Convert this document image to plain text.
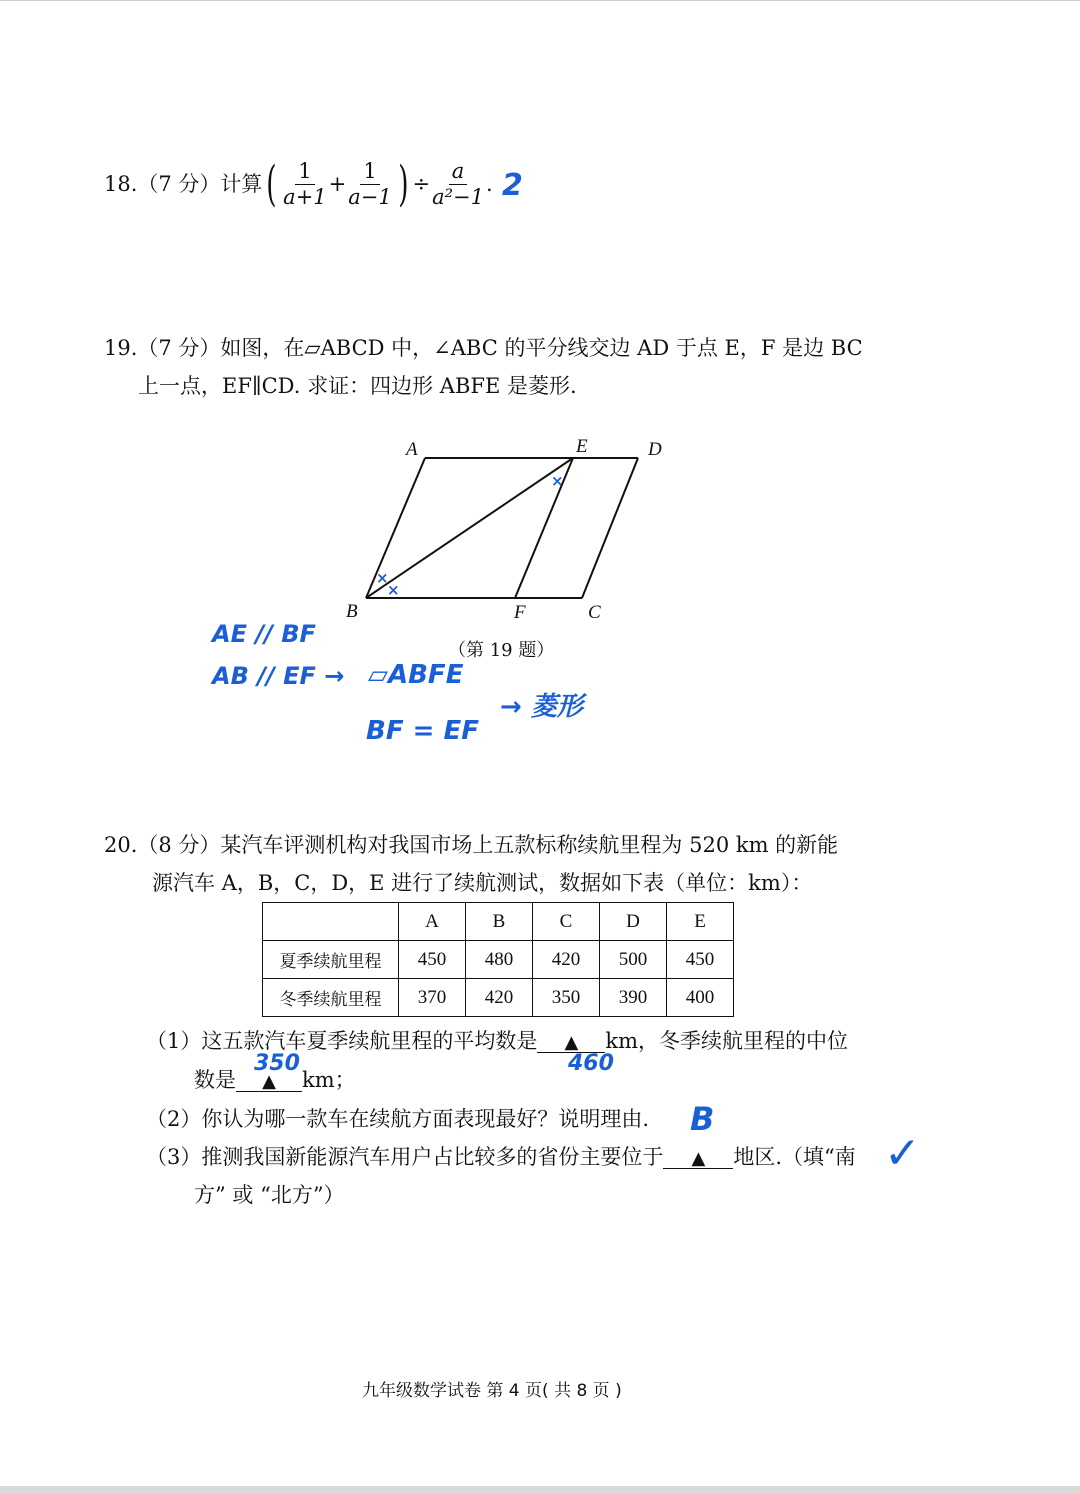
18.（7 分）计算 ( $\frac{1}{a+1} + \frac{1}{a-1}$ ) ÷ $\frac{a}{\text{a²−1}}$ . 2
19.（7 分）如图，在▱ABCD 中，∠ABC 的平分线交边 AD 于点 E，F 是边 BC
上一点，EF∥CD. 求证：四边形 ABFE 是菱形.
A	E	D
B	F	C
×
×
×
（第 19 题）
AE // BF
AB // EF → ▱ABFE
→ 菱形
BF = EF
20.（8 分）某汽车评测机构对我国市场上五款标称续航里程为 520 km 的新能
源汽车 A，B，C，D，E 进行了续航测试，数据如下表（单位：km）：
	A	B	C	D	E
夏季续航里程	450	480	420	500	450
冬季续航里程	370	420	350	390	400
（1）这五款汽车夏季续航里程的平均数是 ▲ km，冬季续航里程的中位
数是 ▲ km；
460
350
（2）你认为哪一款车在续航方面表现最好？说明理由. B
（3）推测我国新能源汽车用户占比较多的省份主要位于 ▲ 地区.（填“南 ✓
方” 或 “北方”）
九年级数学试卷 第 4 页( 共 8 页 )
